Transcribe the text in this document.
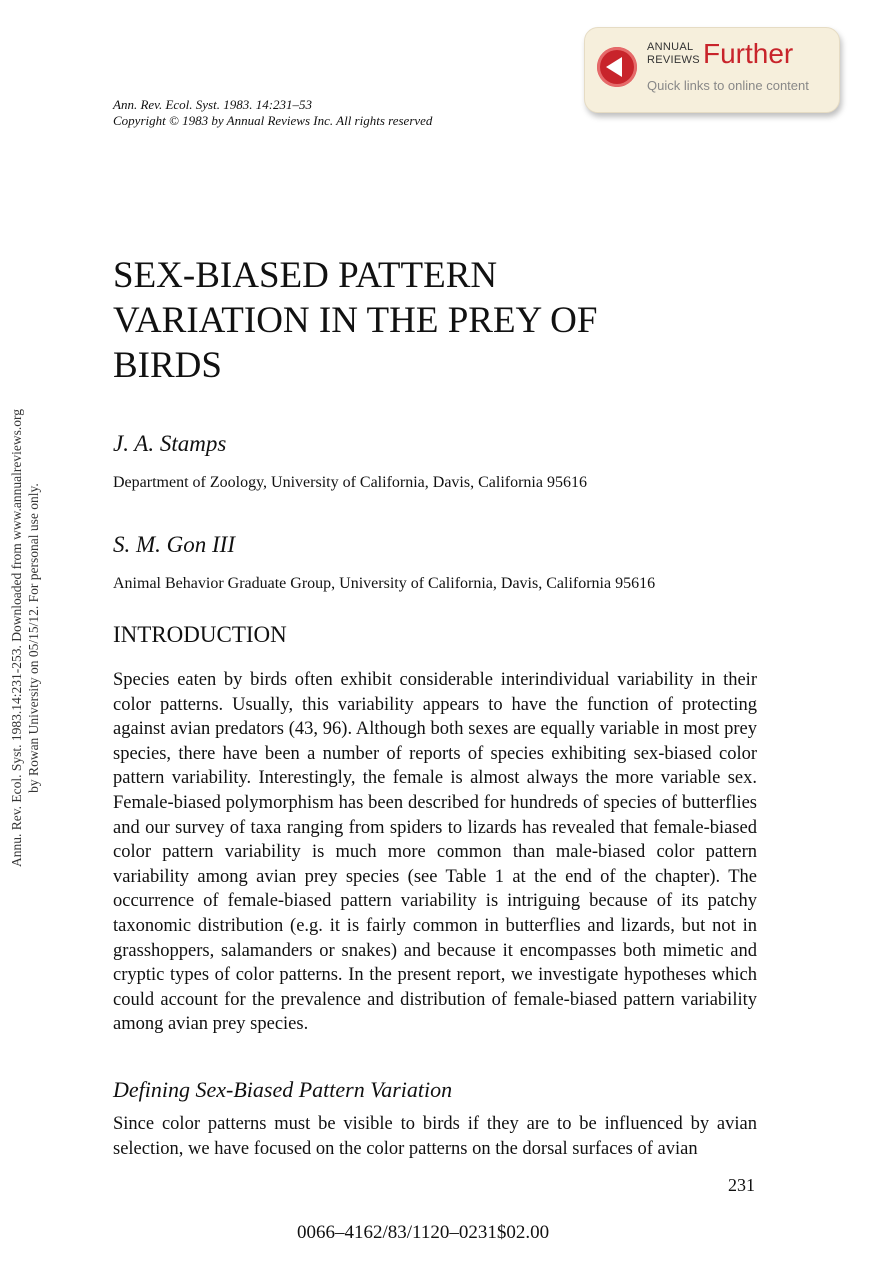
Annu. Rev. Ecol. Syst. 1983.14:231-253. Downloaded from www.annualreviews.org by Rowan University on 05/15/12. For personal use only.
ANNUAL
REVIEWS Further
Quick links to online content
Ann. Rev. Ecol. Syst. 1983. 14:231–53
Copyright © 1983 by Annual Reviews Inc. All rights reserved
SEX-BIASED PATTERN
VARIATION IN THE PREY OF
BIRDS
J. A. Stamps
Department of Zoology, University of California, Davis, California 95616
S. M. Gon III
Animal Behavior Graduate Group, University of California, Davis, California 95616
INTRODUCTION

Species eaten by birds often exhibit considerable interindividual variability in their color patterns. Usually, this variability appears to have the function of protecting against avian predators (43, 96). Although both sexes are equally variable in most prey species, there have been a number of reports of species exhibiting sex-biased color pattern variability. Interestingly, the female is almost always the more variable sex. Female-biased polymorphism has been described for hundreds of species of butterflies and our survey of taxa ranging from spiders to lizards has revealed that female-biased color pattern variability is much more common than male-biased color pattern variability among avian prey species (see Table 1 at the end of the chapter). The occurrence of female-biased pattern variability is intriguing because of its patchy taxonomic distribution (e.g. it is fairly common in butterflies and lizards, but not in grasshoppers, salamanders or snakes) and because it encompasses both mimetic and cryptic types of color patterns. In the present report, we investigate hypotheses which could account for the prevalence and distribution of female-biased pattern variability among avian prey species.

Defining Sex-Biased Pattern Variation

Since color patterns must be visible to birds if they are to be influenced by avian selection, we have focused on the color patterns on the dorsal surfaces of avian

231
0066–4162/83/1120–0231$02.00
